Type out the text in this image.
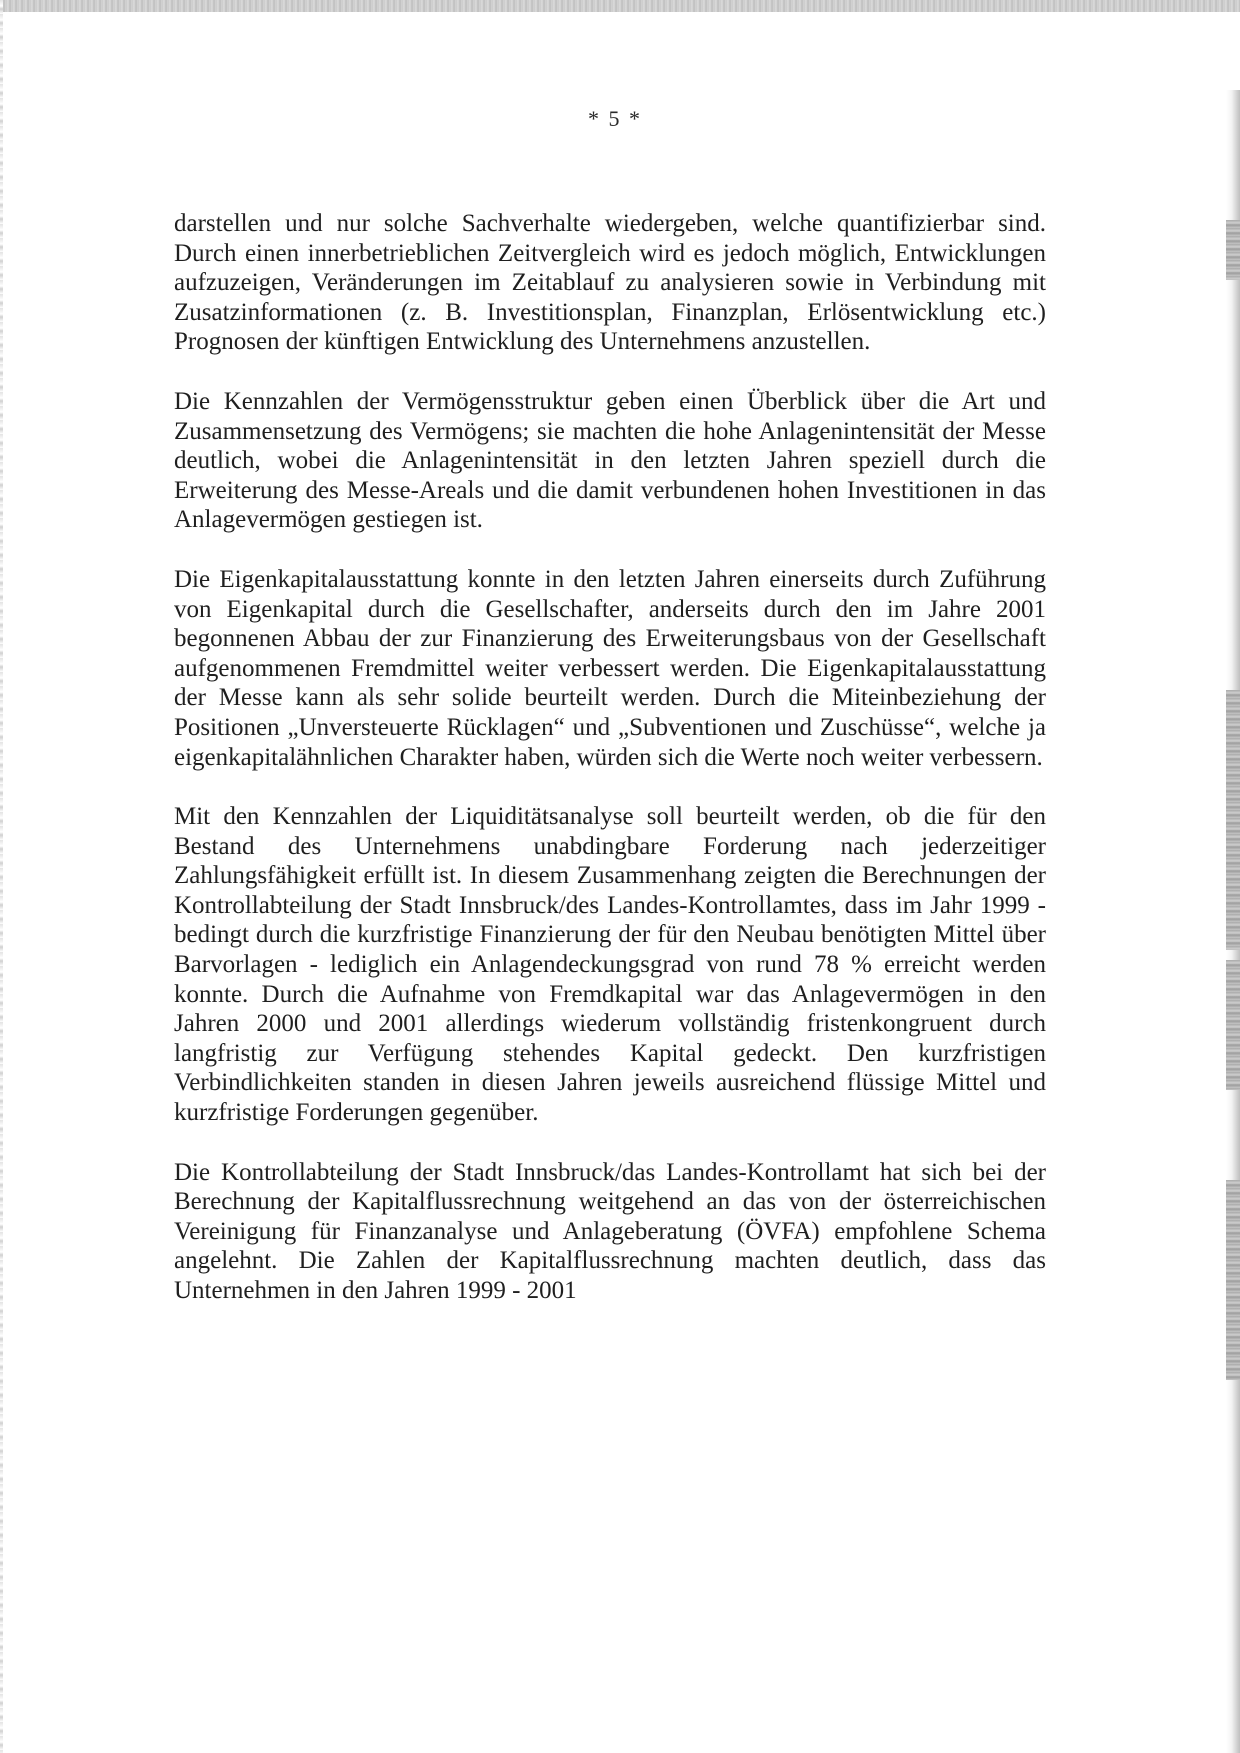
* 5 *

darstellen und nur solche Sachverhalte wiedergeben, welche quantifizierbar sind. Durch einen innerbetrieblichen Zeitvergleich wird es jedoch möglich, Entwicklungen aufzuzeigen, Veränderungen im Zeitablauf zu analysieren sowie in Verbindung mit Zusatzinformationen (z. B. Investitionsplan, Finanzplan, Erlösentwicklung etc.) Prognosen der künftigen Entwicklung des Unternehmens anzustellen.

Die Kennzahlen der Vermögensstruktur geben einen Überblick über die Art und Zusammensetzung des Vermögens; sie machten die hohe Anlagenintensität der Messe deutlich, wobei die Anlagenintensität in den letzten Jahren speziell durch die Erweiterung des Messe-Areals und die damit verbundenen hohen Investitionen in das Anlagevermögen gestiegen ist.

Die Eigenkapitalausstattung konnte in den letzten Jahren einerseits durch Zuführung von Eigenkapital durch die Gesellschafter, anderseits durch den im Jahre 2001 begonnenen Abbau der zur Finanzierung des Erweiterungsbaus von der Gesellschaft aufgenommenen Fremdmittel weiter verbessert werden. Die Eigenkapitalausstattung der Messe kann als sehr solide beurteilt werden. Durch die Miteinbeziehung der Positionen „Unversteuerte Rücklagen“ und „Subventionen und Zuschüsse“, welche ja eigenkapitalähnlichen Charakter haben, würden sich die Werte noch weiter verbessern.

Mit den Kennzahlen der Liquiditätsanalyse soll beurteilt werden, ob die für den Bestand des Unternehmens unabdingbare Forderung nach jederzeitiger Zahlungsfähigkeit erfüllt ist. In diesem Zusammenhang zeigten die Berechnungen der Kontrollabteilung der Stadt Innsbruck/des Landes-Kontrollamtes, dass im Jahr 1999 - bedingt durch die kurzfristige Finanzierung der für den Neubau benötigten Mittel über Barvorlagen - lediglich ein Anlagendeckungsgrad von rund 78 % erreicht werden konnte. Durch die Aufnahme von Fremdkapital war das Anlagevermögen in den Jahren 2000 und 2001 allerdings wiederum vollständig fristenkongruent durch langfristig zur Verfügung stehendes Kapital gedeckt. Den kurzfristigen Verbindlichkeiten standen in diesen Jahren jeweils ausreichend flüssige Mittel und kurzfristige Forderungen gegenüber.

Die Kontrollabteilung der Stadt Innsbruck/das Landes-Kontrollamt hat sich bei der Berechnung der Kapitalflussrechnung weitgehend an das von der österreichischen Vereinigung für Finanzanalyse und Anlageberatung (ÖVFA) empfohlene Schema angelehnt. Die Zahlen der Kapitalflussrechnung machten deutlich, dass das Unternehmen in den Jahren 1999 - 2001
